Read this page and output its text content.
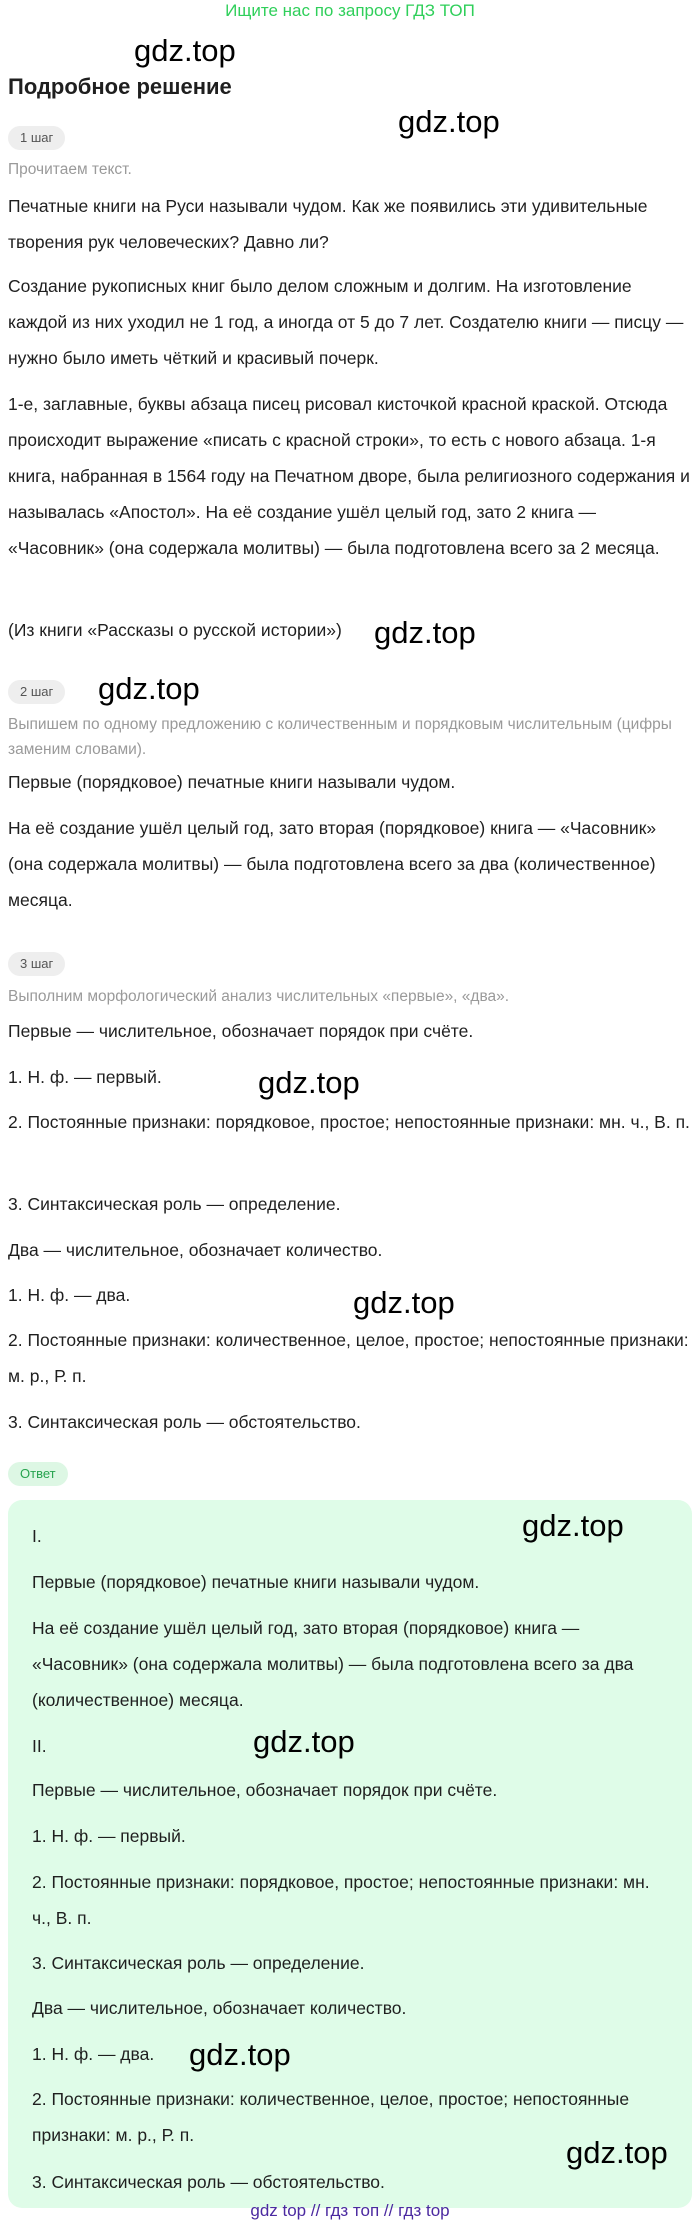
Ищите нас по запросу ГДЗ ТОП
gdz.top
Подробное решение
gdz.top
1 шаг
Прочитаем текст.
Печатные книги на Руси называли чудом. Как же появились эти удивительные творения рук человеческих? Давно ли?
Создание рукописных книг было делом сложным и долгим. На изготовление каждой из них уходил не 1 год, а иногда от 5 до 7 лет. Создателю книги — писцу — нужно было иметь чёткий и красивый почерк.
1-е, заглавные, буквы абзаца писец рисовал кисточкой красной краской. Отсюда происходит выражение «писать с красной строки», то есть с нового абзаца. 1-я книга, набранная в 1564 году на Печатном дворе, была религиозного содержания и называлась «Апостол». На её создание ушёл целый год, зато 2 книга — «Часовник» (она содержала молитвы) — была подготовлена всего за 2 месяца.
(Из книги «Рассказы о русской истории»)	gdz.top
2 шаг	gdz.top
Выпишем по одному предложению с количественным и порядковым числительным (цифры заменим словами).
Первые (порядковое) печатные книги называли чудом.
На её создание ушёл целый год, зато вторая (порядковое) книга — «Часовник» (она содержала молитвы) — была подготовлена всего за два (количественное) месяца.
3 шаг
Выполним морфологический анализ числительных «первые», «два».
Первые — числительное, обозначает порядок при счёте.
1. Н. ф. — первый.	gdz.top
2. Постоянные признаки: порядковое, простое; непостоянные признаки: мн. ч., В. п.
3. Синтаксическая роль — определение.
Два — числительное, обозначает количество.
1. Н. ф. — два.	gdz.top
2. Постоянные признаки: количественное, целое, простое; непостоянные признаки: м. р., Р. п.
3. Синтаксическая роль — обстоятельство.
Ответ
I.	gdz.top
Первые (порядковое) печатные книги называли чудом.
На её создание ушёл целый год, зато вторая (порядковое) книга — «Часовник» (она содержала молитвы) — была подготовлена всего за два (количественное) месяца.
II.	gdz.top
Первые — числительное, обозначает порядок при счёте.
1. Н. ф. — первый.
2. Постоянные признаки: порядковое, простое; непостоянные признаки: мн. ч., В. п.
3. Синтаксическая роль — определение.
Два — числительное, обозначает количество.
1. Н. ф. — два.	gdz.top
2. Постоянные признаки: количественное, целое, простое; непостоянные признаки: м. р., Р. п.	gdz.top
3. Синтаксическая роль — обстоятельство.
gdz top // гдз топ // гдз top
